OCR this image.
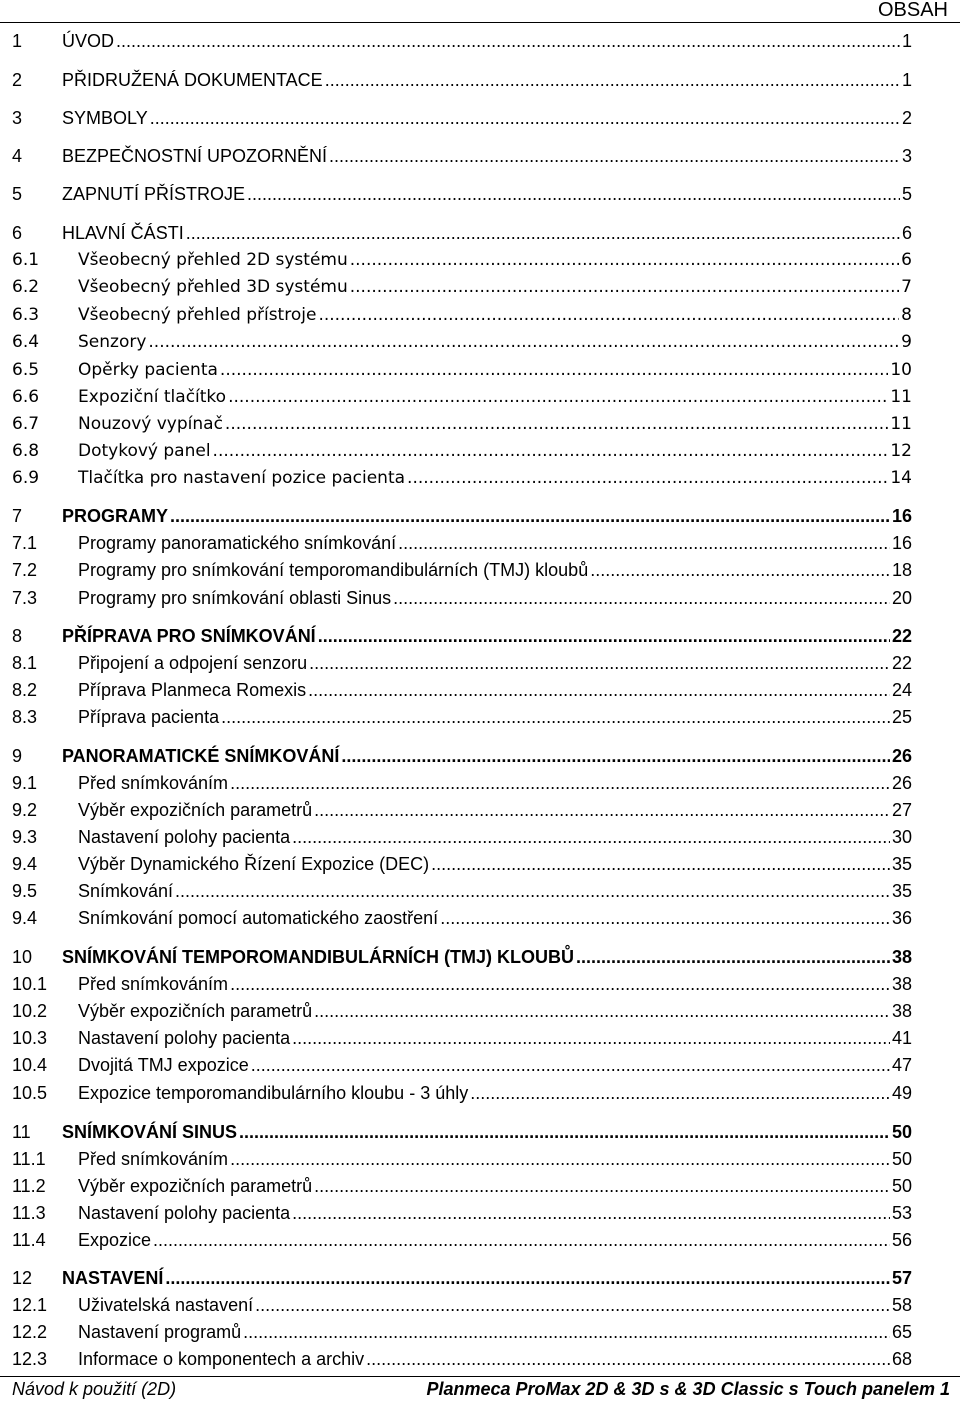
OBSAH
1	ÚVOD .....	1
2	PŘIDRUŽENÁ DOKUMENTACE .....	1
3	SYMBOLY .....	2
4	BEZPEČNOSTNÍ UPOZORNĚNÍ .....	3
5	ZAPNUTÍ PŘÍSTROJE .....	5
6	HLAVNÍ ČÁSTI .....	6
6.1	Všeobecný přehled 2D systému .....	6
6.2	Všeobecný přehled 3D systému .....	7
6.3	Všeobecný přehled přístroje .....	8
6.4	Senzory .....	9
6.5	Opěrky pacienta .....	10
6.6	Expoziční tlačítko .....	11
6.7	Nouzový vypínač .....	11
6.8	Dotykový panel .....	12
6.9	Tlačítka pro nastavení pozice pacienta .....	14
7	PROGRAMY .....	16
7.1	Programy panoramatického snímkování .....	16
7.2	Programy pro snímkování temporomandibulárních (TMJ) kloubů .....	18
7.3	Programy pro snímkování oblasti Sinus .....	20
8	PŘÍPRAVA PRO SNÍMKOVÁNÍ .....	22
8.1	Připojení a odpojení senzoru .....	22
8.2	Příprava Planmeca Romexis .....	24
8.3	Příprava pacienta .....	25
9	PANORAMATICKÉ SNÍMKOVÁNÍ .....	26
9.1	Před snímkováním .....	26
9.2	Výběr expozičních parametrů .....	27
9.3	Nastavení polohy pacienta .....	30
9.4	Výběr Dynamického Řízení Expozice (DEC) .....	35
9.5	Snímkování .....	35
9.4	Snímkování pomocí automatického zaostření .....	36
10	SNÍMKOVÁNÍ TEMPOROMANDIBULÁRNÍCH (TMJ) KLOUBŮ .....	38
10.1	Před snímkováním .....	38
10.2	Výběr expozičních parametrů .....	38
10.3	Nastavení polohy pacienta .....	41
10.4	Dvojitá TMJ expozice .....	47
10.5	Expozice temporomandibulárního kloubu - 3 úhly .....	49
11	SNÍMKOVÁNÍ SINUS .....	50
11.1	Před snímkováním .....	50
11.2	Výběr expozičních parametrů .....	50
11.3	Nastavení polohy pacienta .....	53
11.4	Expozice .....	56
12	NASTAVENÍ .....	57
12.1	Uživatelská nastavení .....	58
12.2	Nastavení programů .....	65
12.3	Informace o komponentech a archiv .....	68
Návod k použití (2D)	Planmeca ProMax 2D & 3D s & 3D Classic s Touch panelem 1
